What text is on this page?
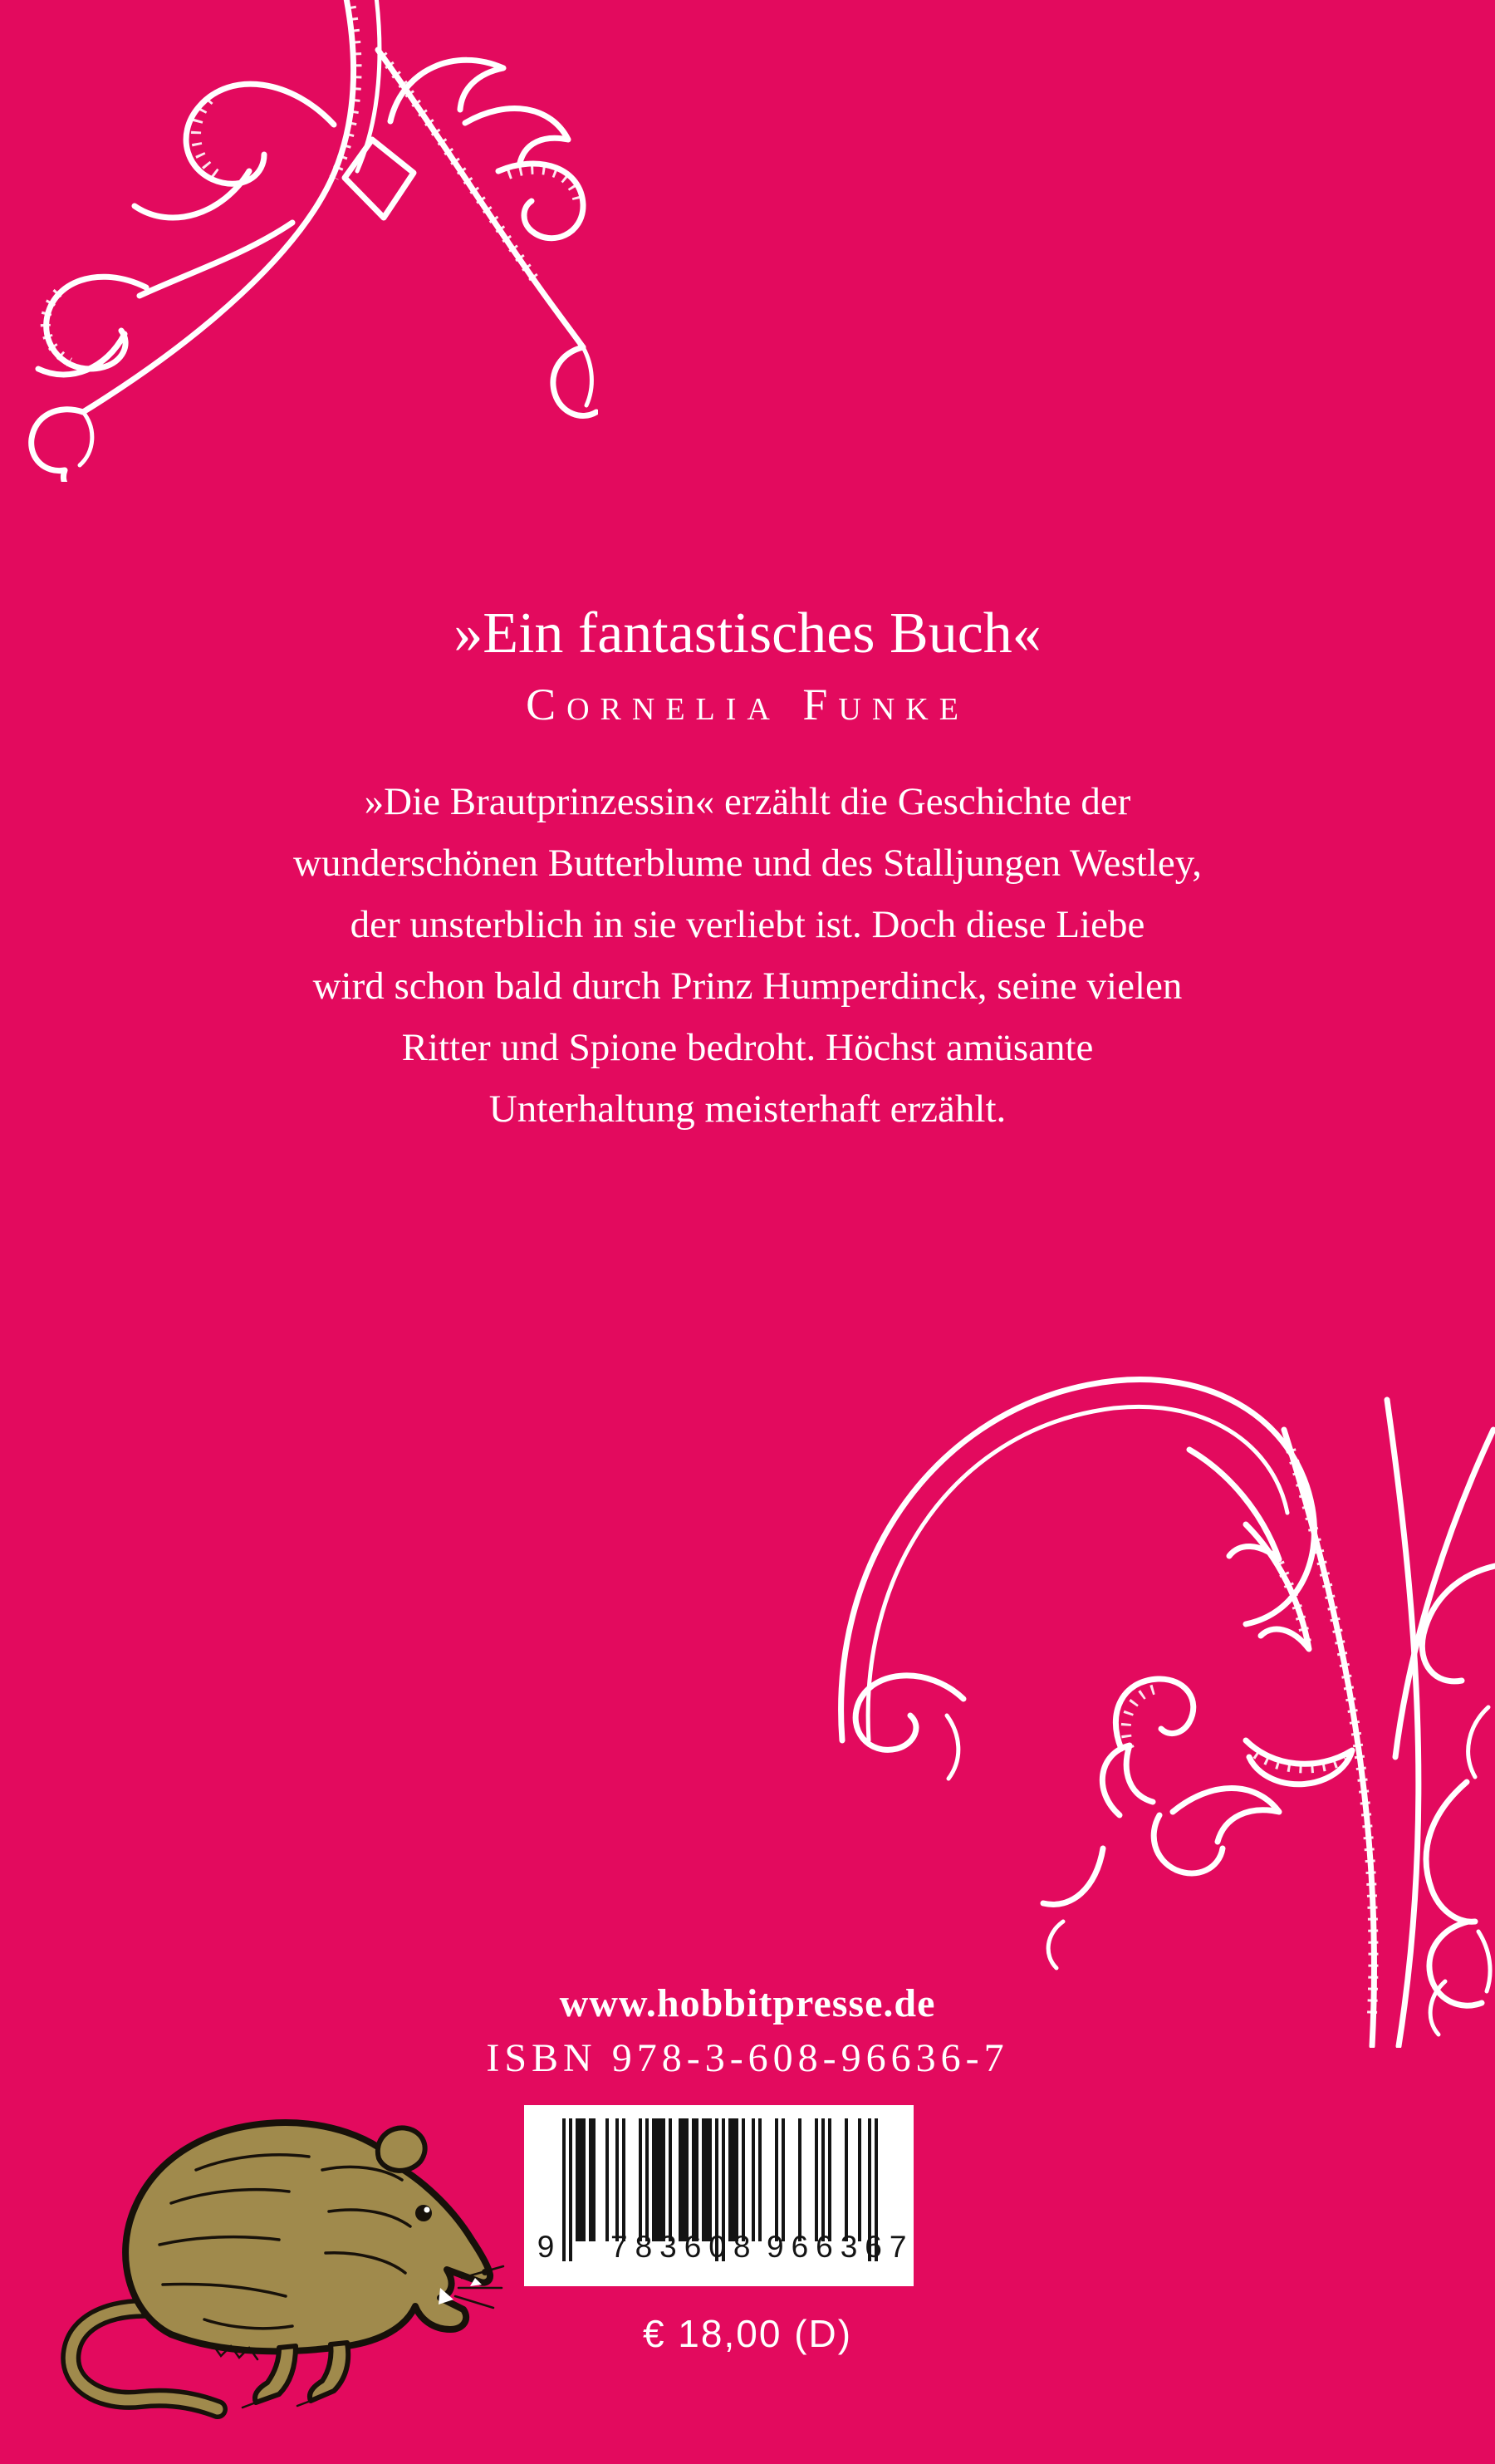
»Ein fantastisches Buch«
Cornelia Funke
»Die Brautprinzessin« erzählt die Geschichte der
wunderschönen Butterblume und des Stalljungen Westley,
der unsterblich in sie verliebt ist. Doch diese Liebe
wird schon bald durch Prinz Humperdinck, seine vielen
Ritter und Spione bedroht. Höchst amüsante
Unterhaltung meisterhaft erzählt.
www.hobbitpresse.de
ISBN 978-3-608-96636-7
9 783608 966367
€ 18,00 (D)
